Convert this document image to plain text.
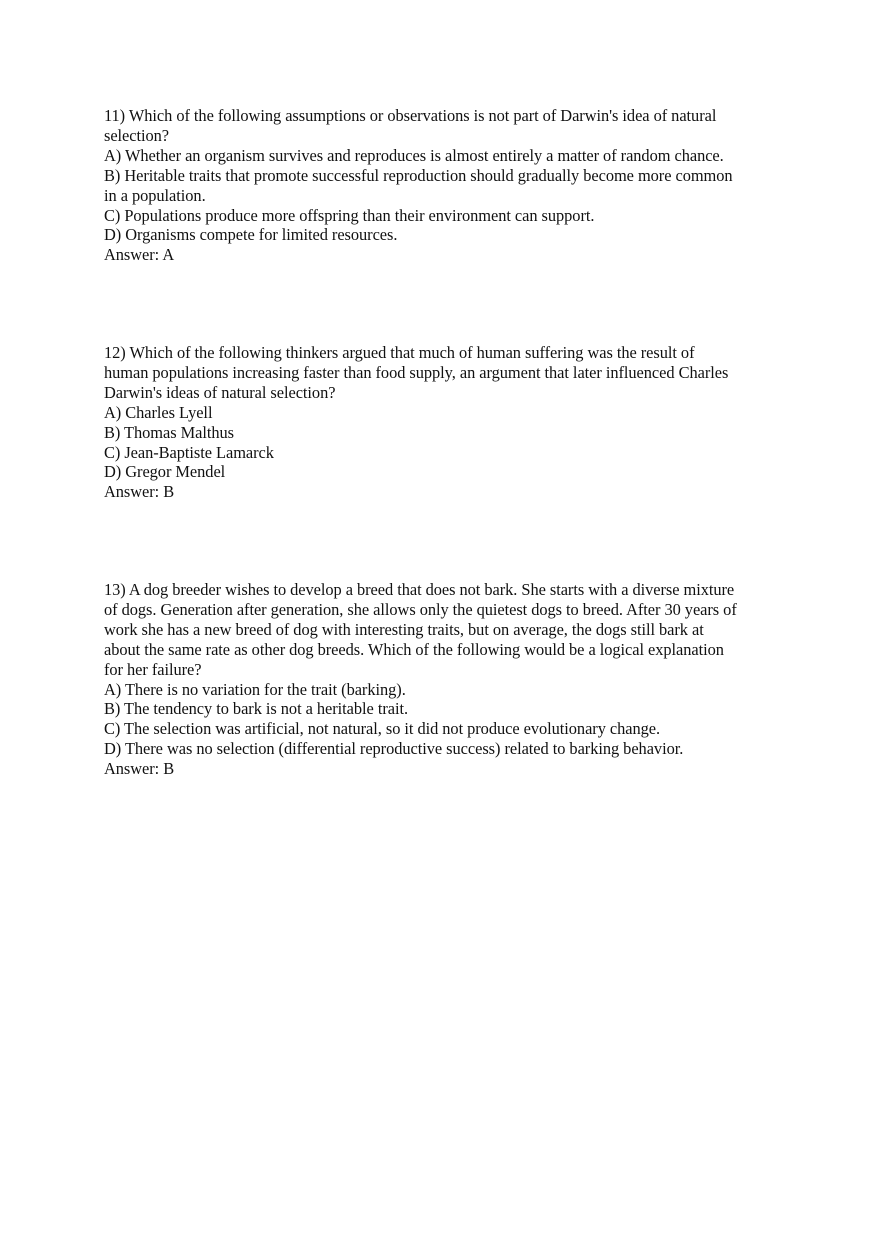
11) Which of the following assumptions or observations is not part of Darwin's idea of natural
selection?
A) Whether an organism survives and reproduces is almost entirely a matter of random chance.
B) Heritable traits that promote successful reproduction should gradually become more common
in a population.
C) Populations produce more offspring than their environment can support.
D) Organisms compete for limited resources.
Answer: A
12) Which of the following thinkers argued that much of human suffering was the result of
human populations increasing faster than food supply, an argument that later influenced Charles
Darwin's ideas of natural selection?
A) Charles Lyell
B) Thomas Malthus
C) Jean-Baptiste Lamarck
D) Gregor Mendel
Answer: B
13) A dog breeder wishes to develop a breed that does not bark. She starts with a diverse mixture
of dogs. Generation after generation, she allows only the quietest dogs to breed. After 30 years of
work she has a new breed of dog with interesting traits, but on average, the dogs still bark at
about the same rate as other dog breeds. Which of the following would be a logical explanation
for her failure?
A) There is no variation for the trait (barking).
B) The tendency to bark is not a heritable trait.
C) The selection was artificial, not natural, so it did not produce evolutionary change.
D) There was no selection (differential reproductive success) related to barking behavior.
Answer: B
